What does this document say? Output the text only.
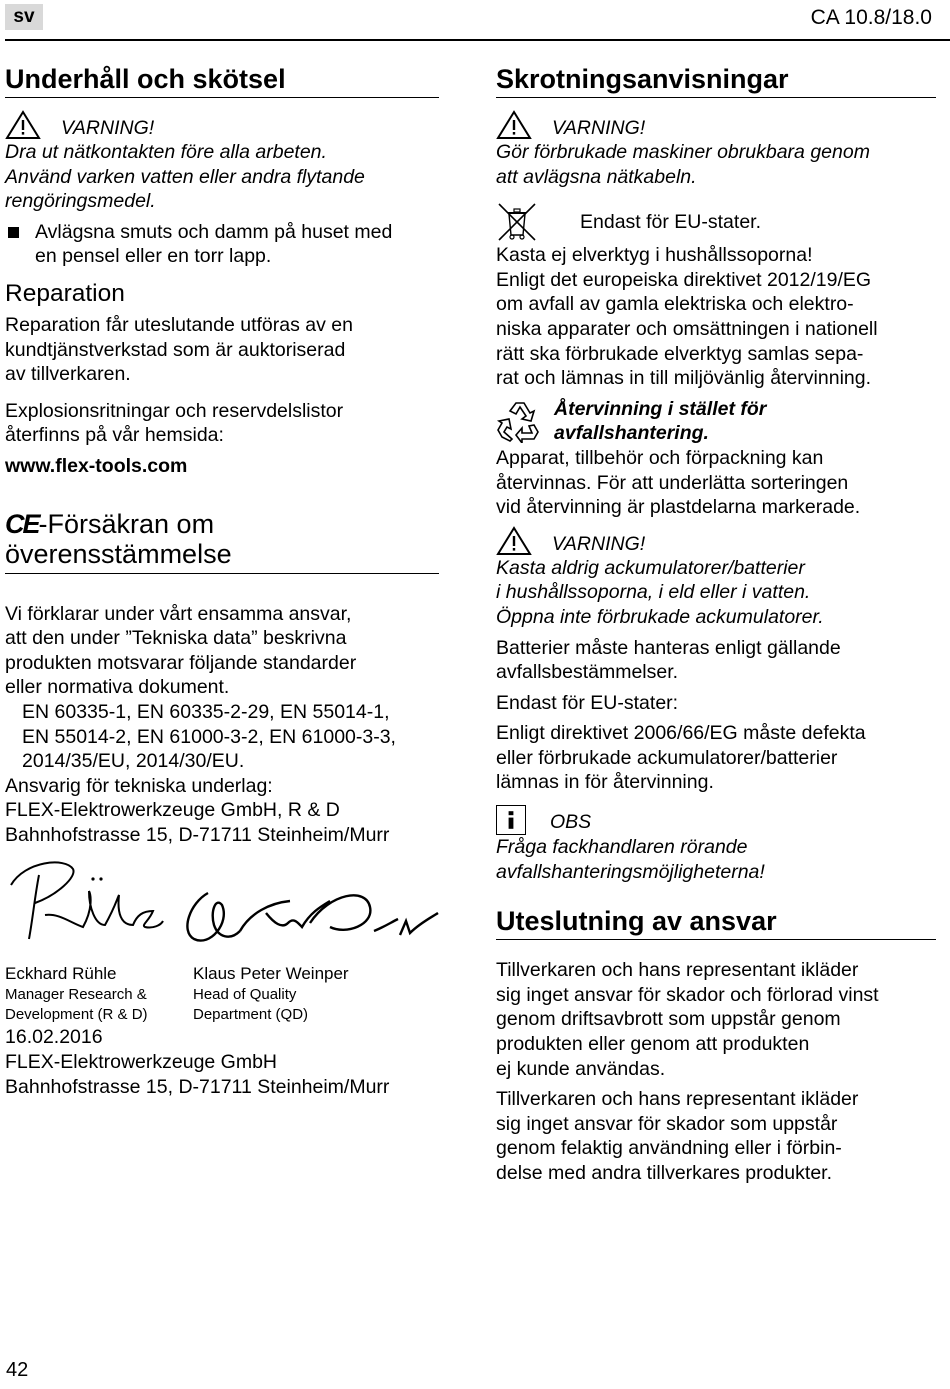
sv	CA 10.8/18.0
Underhåll och skötsel
VARNING!

Dra ut nätkontakten före alla arbeten.

Använd varken vatten eller andra flytande

rengöringsmedel.

Avlägsna smuts och damm på huset med

en pensel eller en torr lapp.

Reparation

Reparation får uteslutande utföras av en

kundtjänstverkstad som är auktoriserad

av tillverkaren.

Explosionsritningar och reservdelslistor

återfinns på vår hemsida:

www.flex-tools.com

CE-Försäkran om
överensstämmelse

Vi förklarar under vårt ensamma ansvar,

att den under ”Tekniska data” beskrivna

produkten motsvarar följande standarder

eller normativa dokument.

EN 60335-1, EN 60335-2-29, EN 55014-1,

EN 55014-2, EN 61000-3-2, EN 61000-3-3,

2014/35/EU, 2014/30/EU.

Ansvarig för tekniska underlag:

FLEX-Elektrowerkzeuge GmbH, R & D

Bahnhofstrasse 15, D-71711 Steinheim/Murr

Eckhard Rühle
Manager Research &
Development (R & D)
Klaus Peter Weinper
Head of Quality
Department (QD)

16.02.2016

FLEX-Elektrowerkzeuge GmbH

Bahnhofstrasse 15, D-71711 Steinheim/Murr

Skrotningsanvisningar
VARNING!

Gör förbrukade maskiner obrukbara genom

att avlägsna nätkabeln.

Endast för EU-stater.

Kasta ej elverktyg i hushållssoporna!

Enligt det europeiska direktivet 2012/19/EG

om avfall av gamla elektriska och elektro-

niska apparater och omsättningen i nationell

rätt ska förbrukade elverktyg samlas sepa-

rat och lämnas in till miljövänlig återvinning.

Återvinning i stället för

avfallshantering.

Apparat, tillbehör och förpackning kan

återvinnas. För att underlätta sorteringen

vid återvinning är plastdelarna markerade.

VARNING!

Kasta aldrig ackumulatorer/batterier

i hushållssoporna, i eld eller i vatten.

Öppna inte förbrukade ackumulatorer.

Batterier måste hanteras enligt gällande

avfallsbestämmelser.

Endast för EU-stater:

Enligt direktivet 2006/66/EG måste defekta

eller förbrukade ackumulatorer/batterier

lämnas in för återvinning.

OBS

Fråga fackhandlaren rörande

avfallshanteringsmöjligheterna!

Uteslutning av ansvar

Tillverkaren och hans representant ikläder

sig inget ansvar för skador och förlorad vinst

genom driftsavbrott som uppstår genom

produkten eller genom att produkten

ej kunde användas.

Tillverkaren och hans representant ikläder

sig inget ansvar för skador som uppstår

genom felaktig användning eller i förbin-

delse med andra tillverkares produkter.

42
